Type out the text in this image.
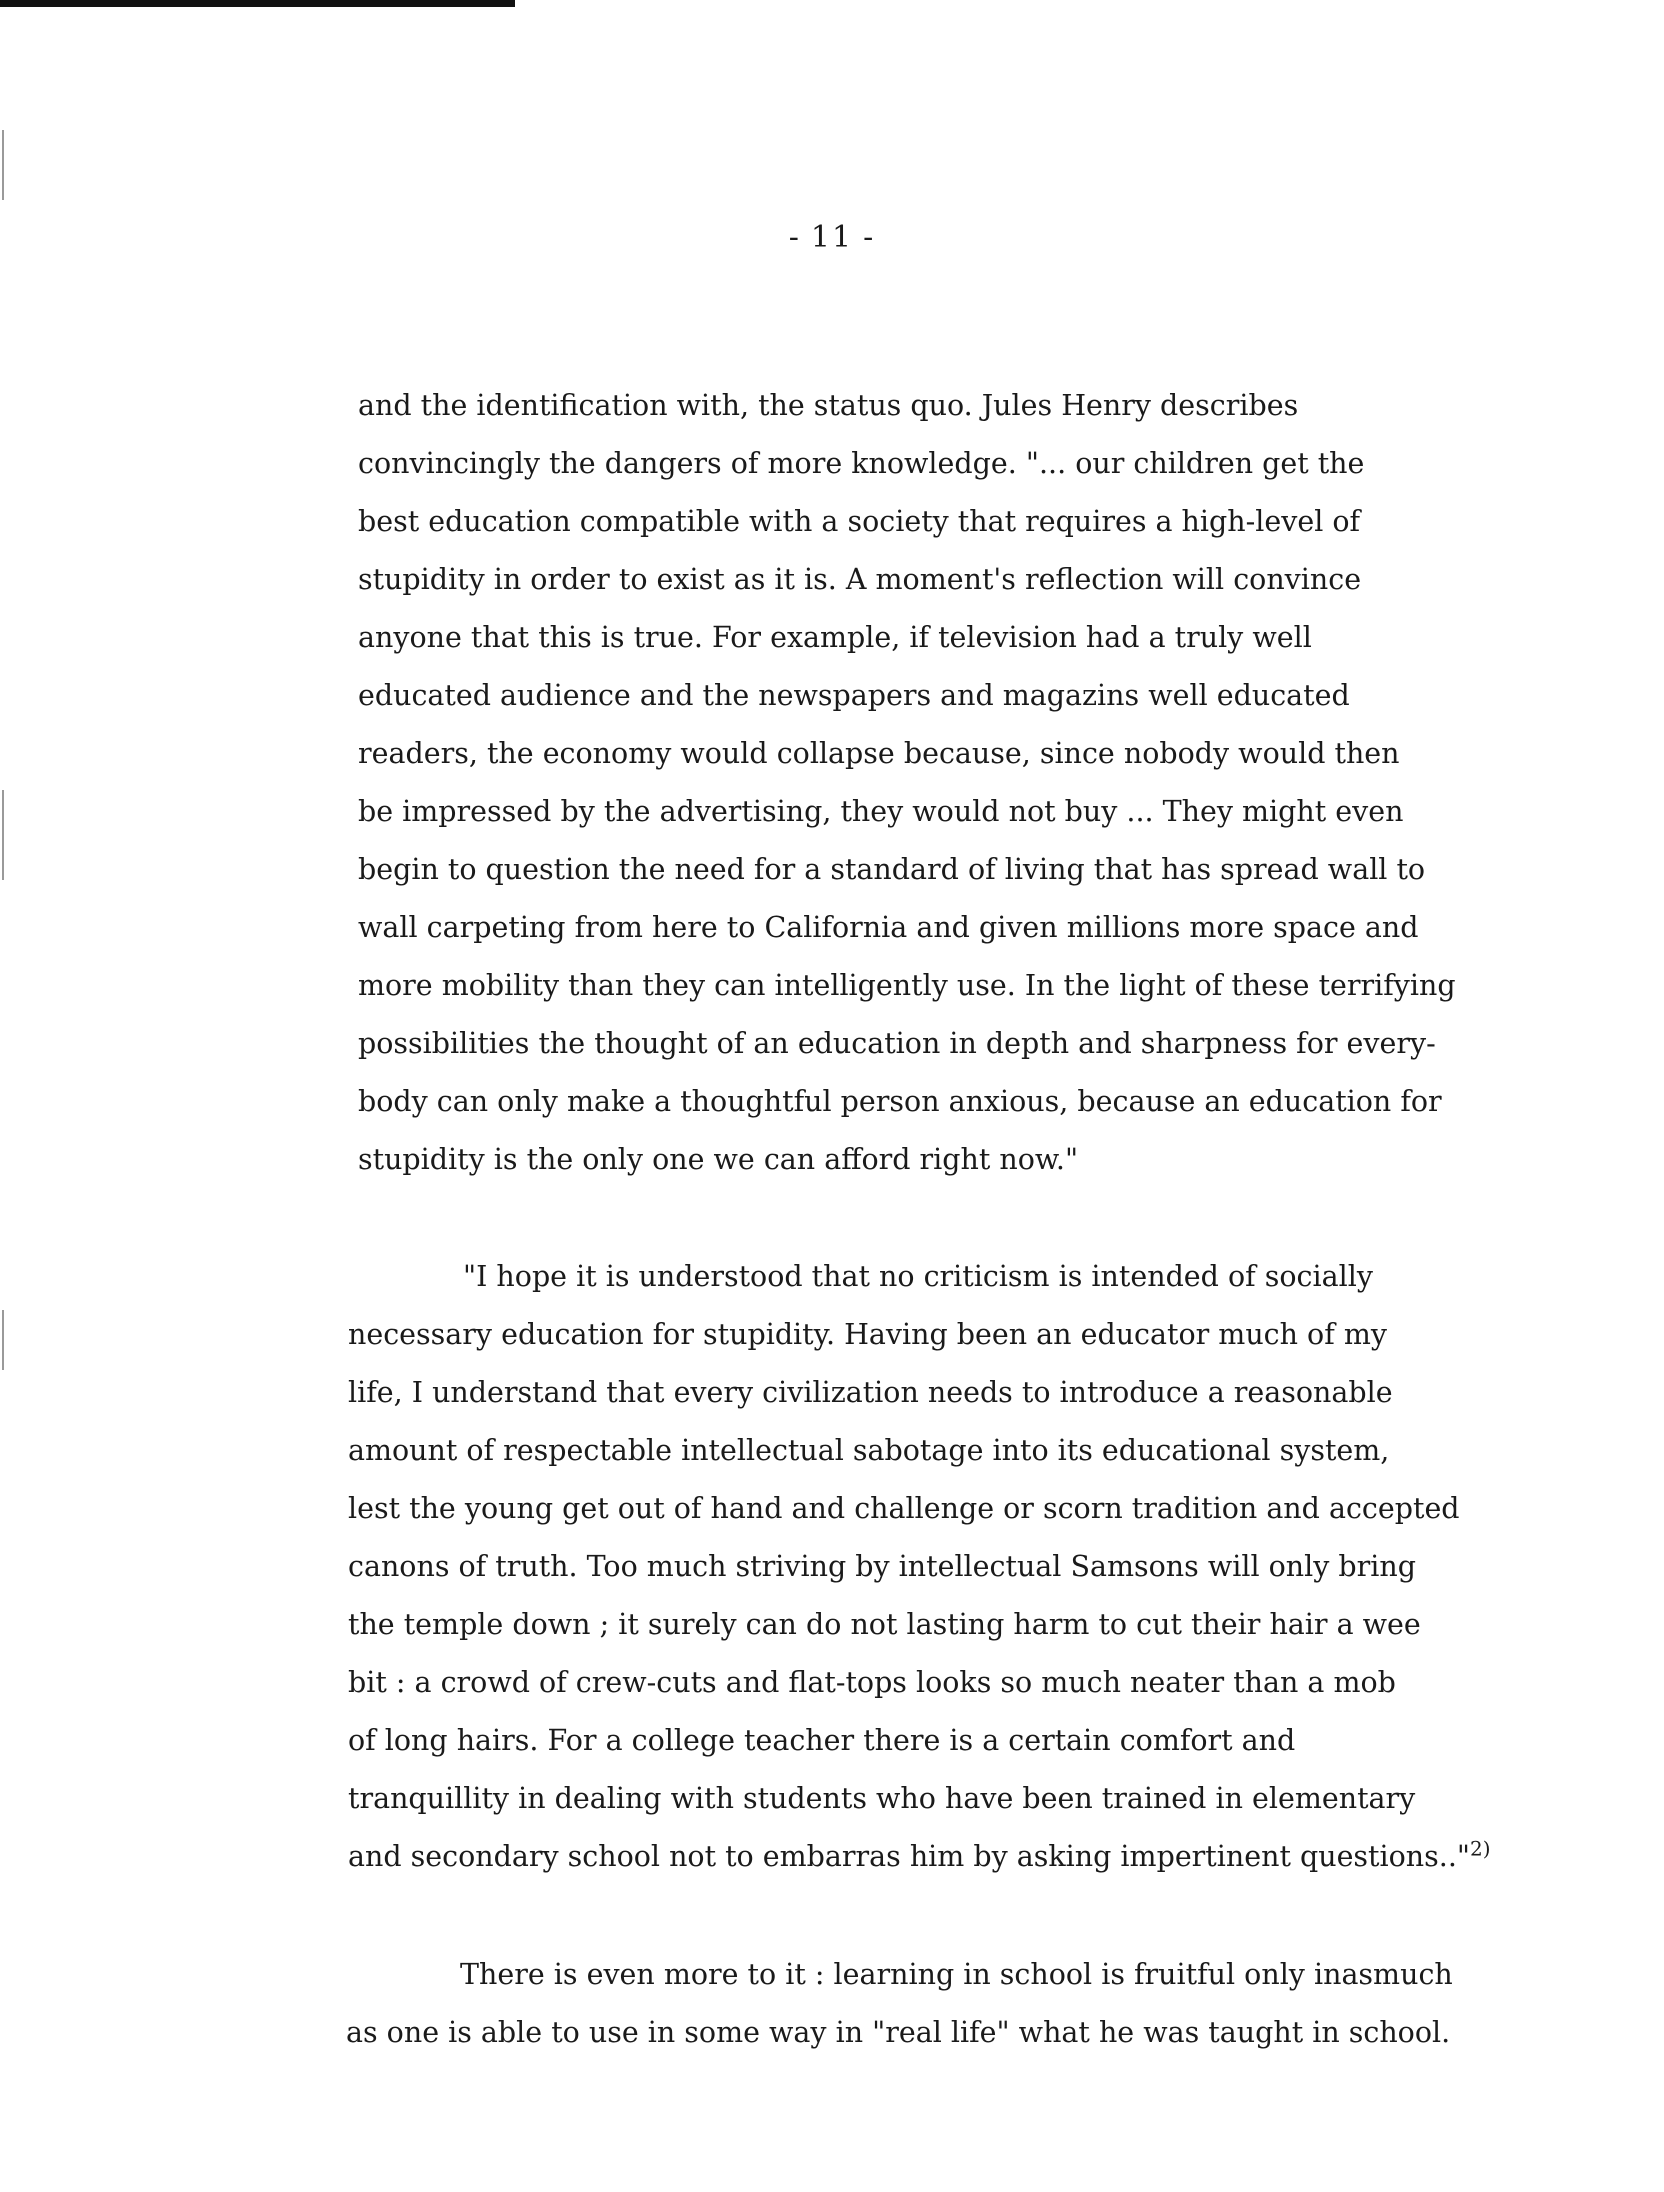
- 11 -
and the identification with, the status quo. Jules Henry describes
convincingly the dangers of more knowledge. "... our children get the
best education compatible with a society that requires a high-level of
stupidity in order to exist as it is. A moment's reflection will convince
anyone that this is true. For example, if television had a truly well
educated audience and the newspapers and magazins well educated
readers, the economy would collapse because, since nobody would then
be impressed by the advertising, they would not buy ... They might even
begin to question the need for a standard of living that has spread wall to
wall carpeting from here to California and given millions more space and
more mobility than they can intelligently use. In the light of these terrifying
possibilities the thought of an education in depth and sharpness for every-
body can only make a thoughtful person anxious, because an education for
stupidity is the only one we can afford right now."
"I hope it is understood that no criticism is intended of socially
necessary education for stupidity. Having been an educator much of my
life, I understand that every civilization needs to introduce a reasonable
amount of respectable intellectual sabotage into its educational system,
lest the young get out of hand and challenge or scorn tradition and accepted
canons of truth. Too much striving by intellectual Samsons will only bring
the temple down ; it surely can do not lasting harm to cut their hair a wee
bit : a crowd of crew-cuts and flat-tops looks so much neater than a mob
of long hairs. For a college teacher there is a certain comfort and
tranquillity in dealing with students who have been trained in elementary
and secondary school not to embarras him by asking impertinent questions.."$^{2)}$
There is even more to it : learning in school is fruitful only inasmuch
as one is able to use in some way in "real life" what he was taught in school.
